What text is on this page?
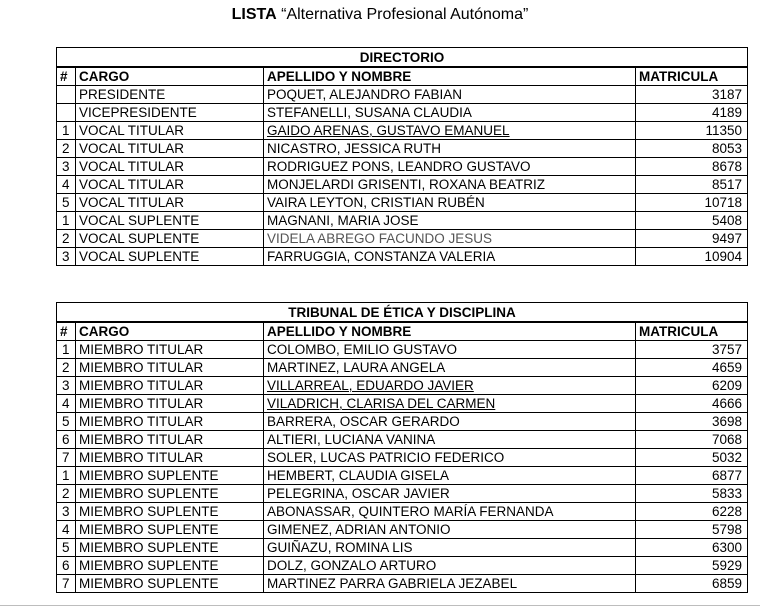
LISTA “Alternativa Profesional Autónoma”
DIRECTORIO			
#	CARGO	APELLIDO Y NOMBRE	MATRICULA
	PRESIDENTE	POQUET, ALEJANDRO FABIAN	3187
	VICEPRESIDENTE	STEFANELLI, SUSANA CLAUDIA	4189
1	VOCAL TITULAR	GAIDO ARENAS, GUSTAVO EMANUEL	11350
2	VOCAL TITULAR	NICASTRO, JESSICA RUTH	8053
3	VOCAL TITULAR	RODRIGUEZ PONS, LEANDRO GUSTAVO	8678
4	VOCAL TITULAR	MONJELARDI GRISENTI, ROXANA BEATRIZ	8517
5	VOCAL TITULAR	VAIRA LEYTON, CRISTIAN RUBÉN	10718
1	VOCAL SUPLENTE	MAGNANI, MARIA JOSE	5408
2	VOCAL SUPLENTE	VIDELA ABREGO FACUNDO JESUS	9497
3	VOCAL SUPLENTE	FARRUGGIA, CONSTANZA VALERIA	10904
TRIBUNAL DE ÉTICA Y DISCIPLINA			
#	CARGO	APELLIDO Y NOMBRE	MATRICULA
1	MIEMBRO TITULAR	COLOMBO, EMILIO GUSTAVO	3757
2	MIEMBRO TITULAR	MARTINEZ, LAURA ANGELA	4659
3	MIEMBRO TITULAR	VILLARREAL, EDUARDO JAVIER	6209
4	MIEMBRO TITULAR	VILADRICH, CLARISA DEL CARMEN	4666
5	MIEMBRO TITULAR	BARRERA, OSCAR GERARDO	3698
6	MIEMBRO TITULAR	ALTIERI, LUCIANA VANINA	7068
7	MIEMBRO TITULAR	SOLER, LUCAS PATRICIO FEDERICO	5032
1	MIEMBRO SUPLENTE	HEMBERT, CLAUDIA GISELA	6877
2	MIEMBRO SUPLENTE	PELEGRINA, OSCAR JAVIER	5833
3	MIEMBRO SUPLENTE	ABONASSAR, QUINTERO MARÍA FERNANDA	6228
4	MIEMBRO SUPLENTE	GIMENEZ, ADRIAN ANTONIO	5798
5	MIEMBRO SUPLENTE	GUIÑAZU, ROMINA LIS	6300
6	MIEMBRO SUPLENTE	DOLZ, GONZALO ARTURO	5929
7	MIEMBRO SUPLENTE	MARTINEZ PARRA GABRIELA JEZABEL	6859
